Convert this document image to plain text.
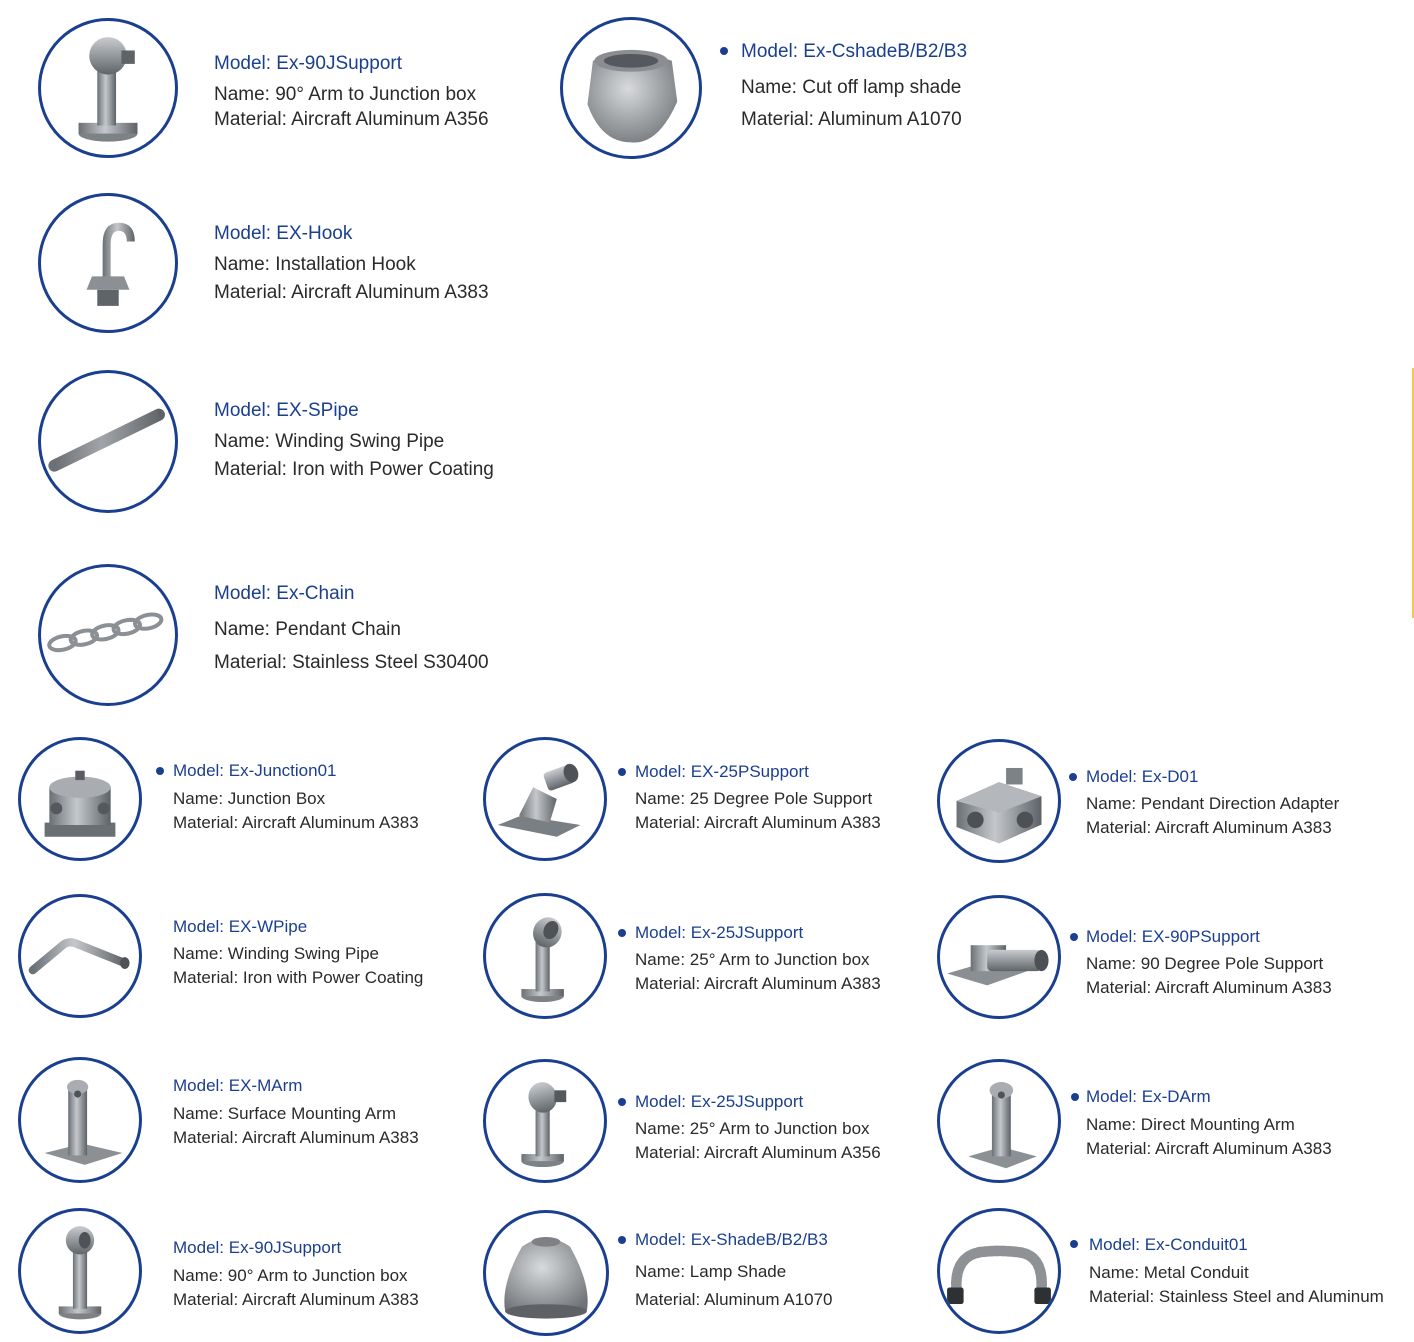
Model: Ex-90JSupport
Name: 90° Arm to Junction box
Material: Aircraft Aluminum A356
Model: Ex-CshadeB/B2/B3
Name: Cut off lamp shade
Material: Aluminum A1070
Model: EX-Hook
Name: Installation Hook
Material: Aircraft Aluminum A383
Model: EX-SPipe
Name: Winding Swing Pipe
Material: Iron with Power Coating
Model: Ex-Chain
Name: Pendant Chain
Material: Stainless Steel S30400
Model: Ex-Junction01
Name: Junction Box
Material: Aircraft Aluminum A383
Model: EX-25PSupport
Name: 25 Degree Pole Support
Material: Aircraft Aluminum A383
Model: Ex-D01
Name: Pendant Direction Adapter
Material: Aircraft Aluminum A383
Model: EX-WPipe
Name: Winding Swing Pipe
Material: Iron with Power Coating
Model: Ex-25JSupport
Name: 25° Arm to Junction box
Material: Aircraft Aluminum A383
Model: EX-90PSupport
Name: 90 Degree Pole Support
Material: Aircraft Aluminum A383
Model: EX-MArm
Name: Surface Mounting Arm
Material: Aircraft Aluminum A383
Model: Ex-25JSupport
Name: 25° Arm to Junction box
Material: Aircraft Aluminum A356
Model: Ex-DArm
Name: Direct Mounting Arm
Material: Aircraft Aluminum A383
Model: Ex-90JSupport
Name: 90° Arm to Junction box
Material: Aircraft Aluminum A383
Model: Ex-ShadeB/B2/B3
Name: Lamp Shade
Material: Aluminum A1070
Model: Ex-Conduit01
Name: Metal Conduit
Material: Stainless Steel and Aluminum
